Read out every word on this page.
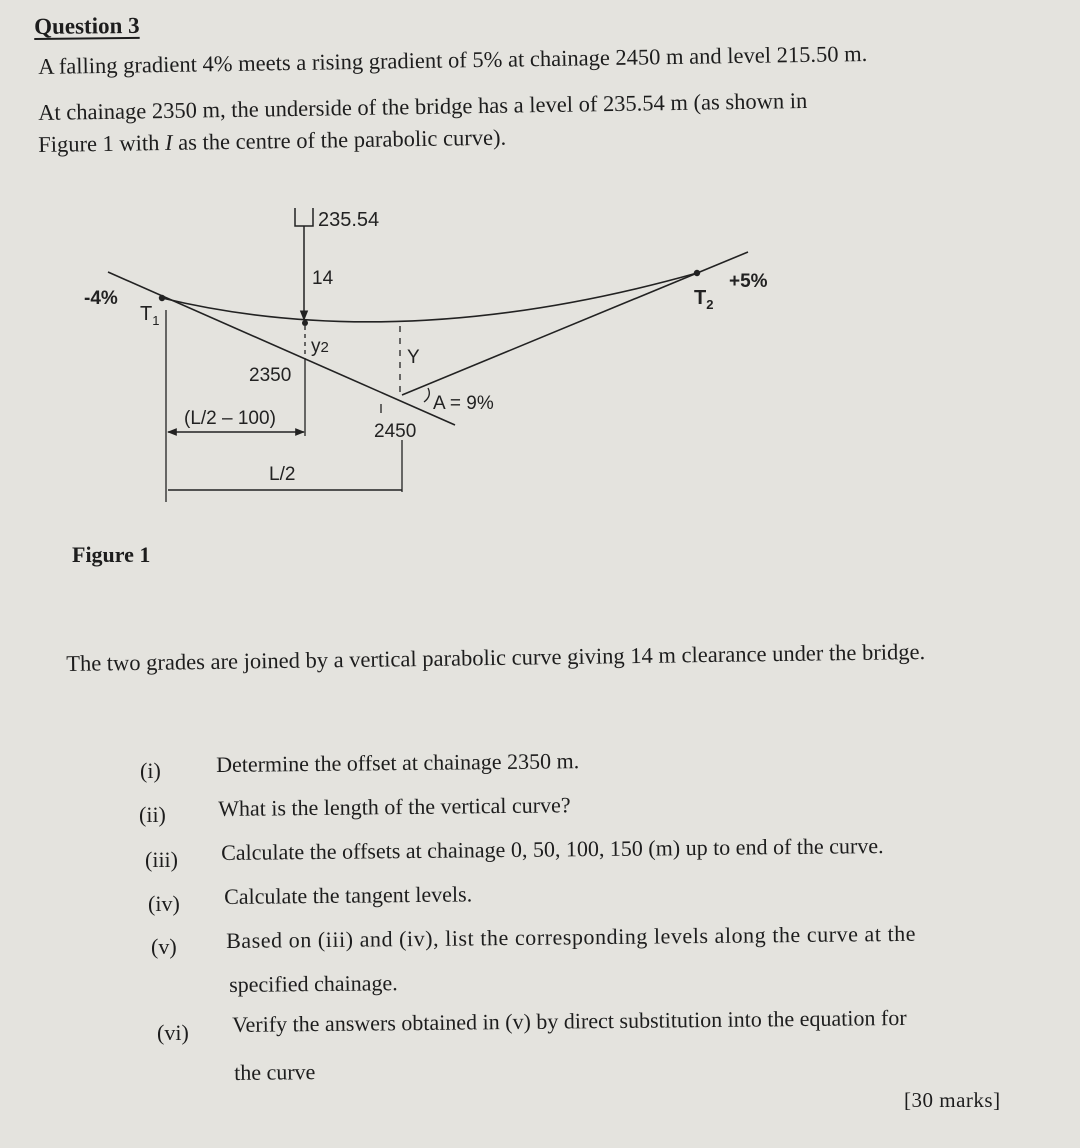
Question 3
A falling gradient 4% meets a rising gradient of 5% at chainage 2450 m and level 215.50 m.
At chainage 2350 m, the underside of the bridge has a level of 235.54 m (as shown in
Figure 1 with I as the centre of the parabolic curve).
235.54
14
-4%
+5%
$T_1$
$T_2$
y2	Y
2350
2450
A = 9%
(L/2 – 100)
L/2
Figure 1
The two grades are joined by a vertical parabolic curve giving 14 m clearance under the bridge.
(i)	Determine the offset at chainage 2350 m.
(ii) What is the length of the vertical curve?
(iii) Calculate the offsets at chainage 0, 50, 100, 150 (m) up to end of the curve.
(iv) Calculate the tangent levels.
(v) Based on (iii) and (iv), list the corresponding levels along the curve at the
specified chainage.
(vi) Verify the answers obtained in (v) by direct substitution into the equation for
the curve
[30 marks]
